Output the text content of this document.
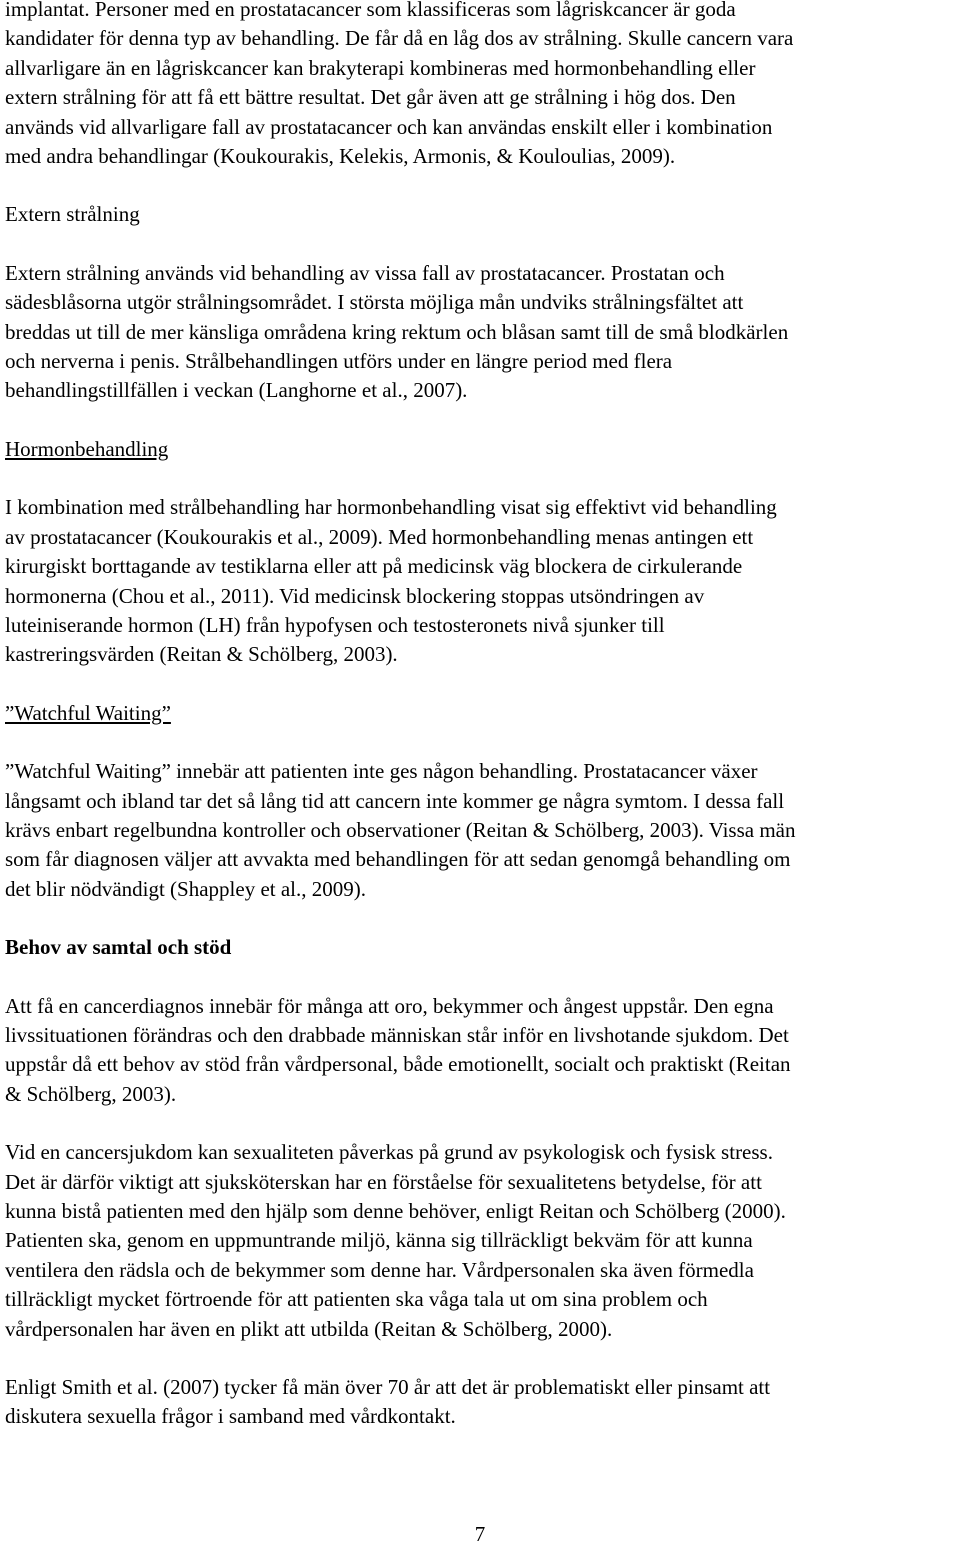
implantat. Personer med en prostatacancer som klassificeras som lågriskcancer är goda
kandidater för denna typ av behandling. De får då en låg dos av strålning. Skulle cancern vara
allvarligare än en lågriskcancer kan brakyterapi kombineras med hormonbehandling eller
extern strålning för att få ett bättre resultat. Det går även att ge strålning i hög dos. Den
används vid allvarligare fall av prostatacancer och kan användas enskilt eller i kombination
med andra behandlingar (Koukourakis, Kelekis, Armonis, & Kouloulias, 2009).

Extern strålning

Extern strålning används vid behandling av vissa fall av prostatacancer. Prostatan och
sädesblåsorna utgör strålningsområdet. I största möjliga mån undviks strålningsfältet att
breddas ut till de mer känsliga områdena kring rektum och blåsan samt till de små blodkärlen
och nerverna i penis. Strålbehandlingen utförs under en längre period med flera
behandlingstillfällen i veckan (Langhorne et al., 2007).

Hormonbehandling

I kombination med strålbehandling har hormonbehandling visat sig effektivt vid behandling
av prostatacancer (Koukourakis et al., 2009). Med hormonbehandling menas antingen ett
kirurgiskt borttagande av testiklarna eller att på medicinsk väg blockera de cirkulerande
hormonerna (Chou et al., 2011). Vid medicinsk blockering stoppas utsöndringen av
luteiniserande hormon (LH) från hypofysen och testosteronets nivå sjunker till
kastreringsvärden (Reitan & Schölberg, 2003).

”Watchful Waiting”

”Watchful Waiting” innebär att patienten inte ges någon behandling. Prostatacancer växer
långsamt och ibland tar det så lång tid att cancern inte kommer ge några symtom. I dessa fall
krävs enbart regelbundna kontroller och observationer (Reitan & Schölberg, 2003). Vissa män
som får diagnosen väljer att avvakta med behandlingen för att sedan genomgå behandling om
det blir nödvändigt (Shappley et al., 2009).

Behov av samtal och stöd

Att få en cancerdiagnos innebär för många att oro, bekymmer och ångest uppstår. Den egna
livssituationen förändras och den drabbade människan står inför en livshotande sjukdom. Det
uppstår då ett behov av stöd från vårdpersonal, både emotionellt, socialt och praktiskt (Reitan
& Schölberg, 2003).

Vid en cancersjukdom kan sexualiteten påverkas på grund av psykologisk och fysisk stress.
Det är därför viktigt att sjuksköterskan har en förståelse för sexualitetens betydelse, för att
kunna bistå patienten med den hjälp som denne behöver, enligt Reitan och Schölberg (2000).
Patienten ska, genom en uppmuntrande miljö, känna sig tillräckligt bekväm för att kunna
ventilera den rädsla och de bekymmer som denne har. Vårdpersonalen ska även förmedla
tillräckligt mycket förtroende för att patienten ska våga tala ut om sina problem och
vårdpersonalen har även en plikt att utbilda (Reitan & Schölberg, 2000).

Enligt Smith et al. (2007) tycker få män över 70 år att det är problematiskt eller pinsamt att
diskutera sexuella frågor i samband med vårdkontakt.

7
